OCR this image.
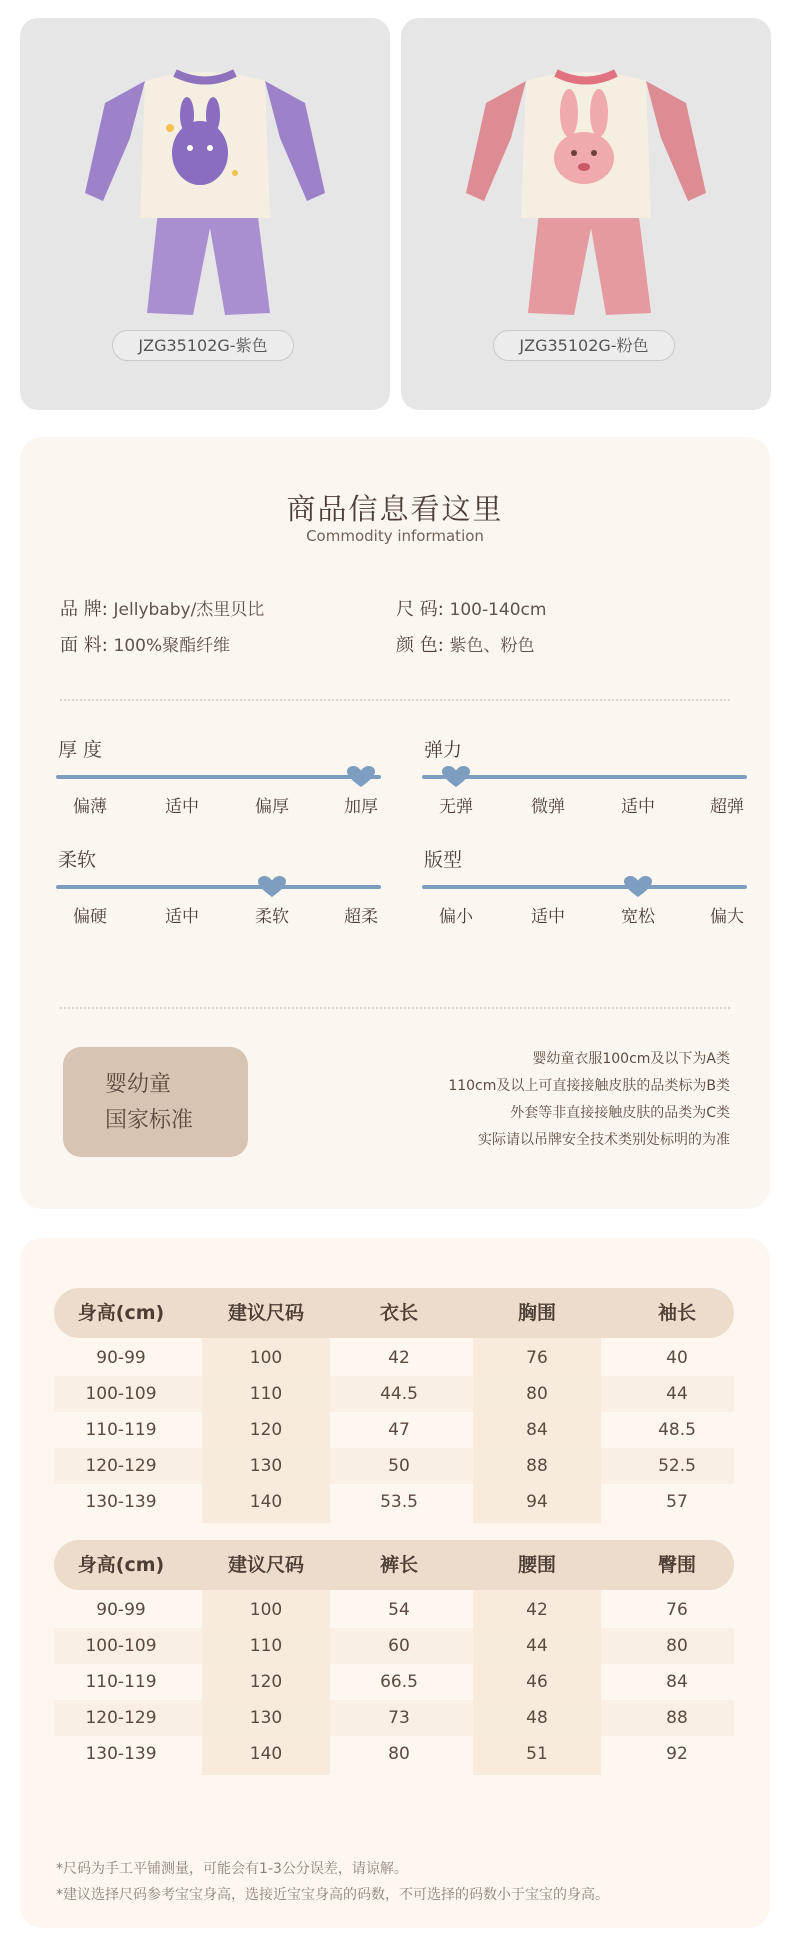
JZG35102G-紫色	JZG35102G-粉色
商品信息看这里
Commodity information
品 牌: Jellybaby/杰里贝比
面 料: 100%聚酯纤维
尺 码: 100-140cm
颜 色: 紫色、粉色
厚 度
偏薄	适中	偏厚	加厚
弹力
无弹	微弹	适中	超弹
柔软
偏硬	适中	柔软	超柔
版型
偏小	适中	宽松	偏大
婴幼童
国家标准
婴幼童衣服100cm及以下为A类
110cm及以上可直接接触皮肤的品类标为B类
外套等非直接接触皮肤的品类为C类
实际请以吊牌安全技术类别处标明的为准
身高(cm)	建议尺码	衣长	胸围	袖长
90-99	100	42	76	40
100-109	110	44.5	80	44
110-119	120	47	84	48.5
120-129	130	50	88	52.5
130-139	140	53.5	94	57
身高(cm)	建议尺码	裤长	腰围	臀围
90-99	100	54	42	76
100-109	110	60	44	80
110-119	120	66.5	46	84
120-129	130	73	48	88
130-139	140	80	51	92
*尺码为手工平铺测量，可能会有1-3公分误差，请谅解。
*建议选择尺码参考宝宝身高，选接近宝宝身高的码数，不可选择的码数小于宝宝的身高。
